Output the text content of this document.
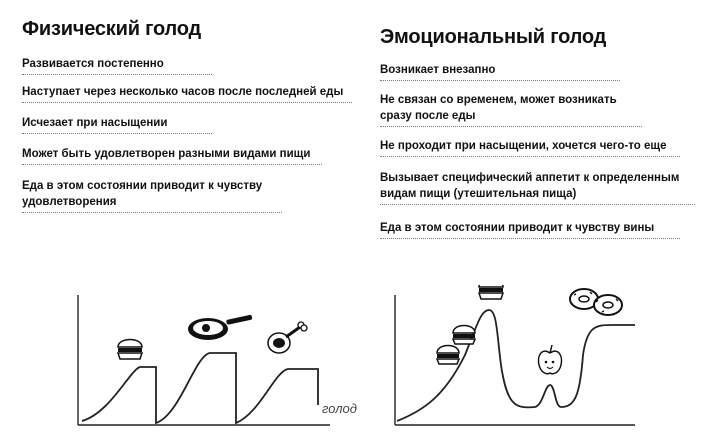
Физический голод
Развивается постепенно
Наступает через несколько часов после последней еды
Исчезает при насыщении
Может быть удовлетворен разными видами пищи
Еда в этом состоянии приводит к чувству удовлетворения
Эмоциональный голод
Возникает внезапно
Не связан со временем, может возникать сразу после еды
Не проходит при насыщении, хочется чего-то еще
Вызывает специфический аппетит к определенным видам пищи (утешительная пища)
Еда в этом состоянии приводит к чувству вины
голод
